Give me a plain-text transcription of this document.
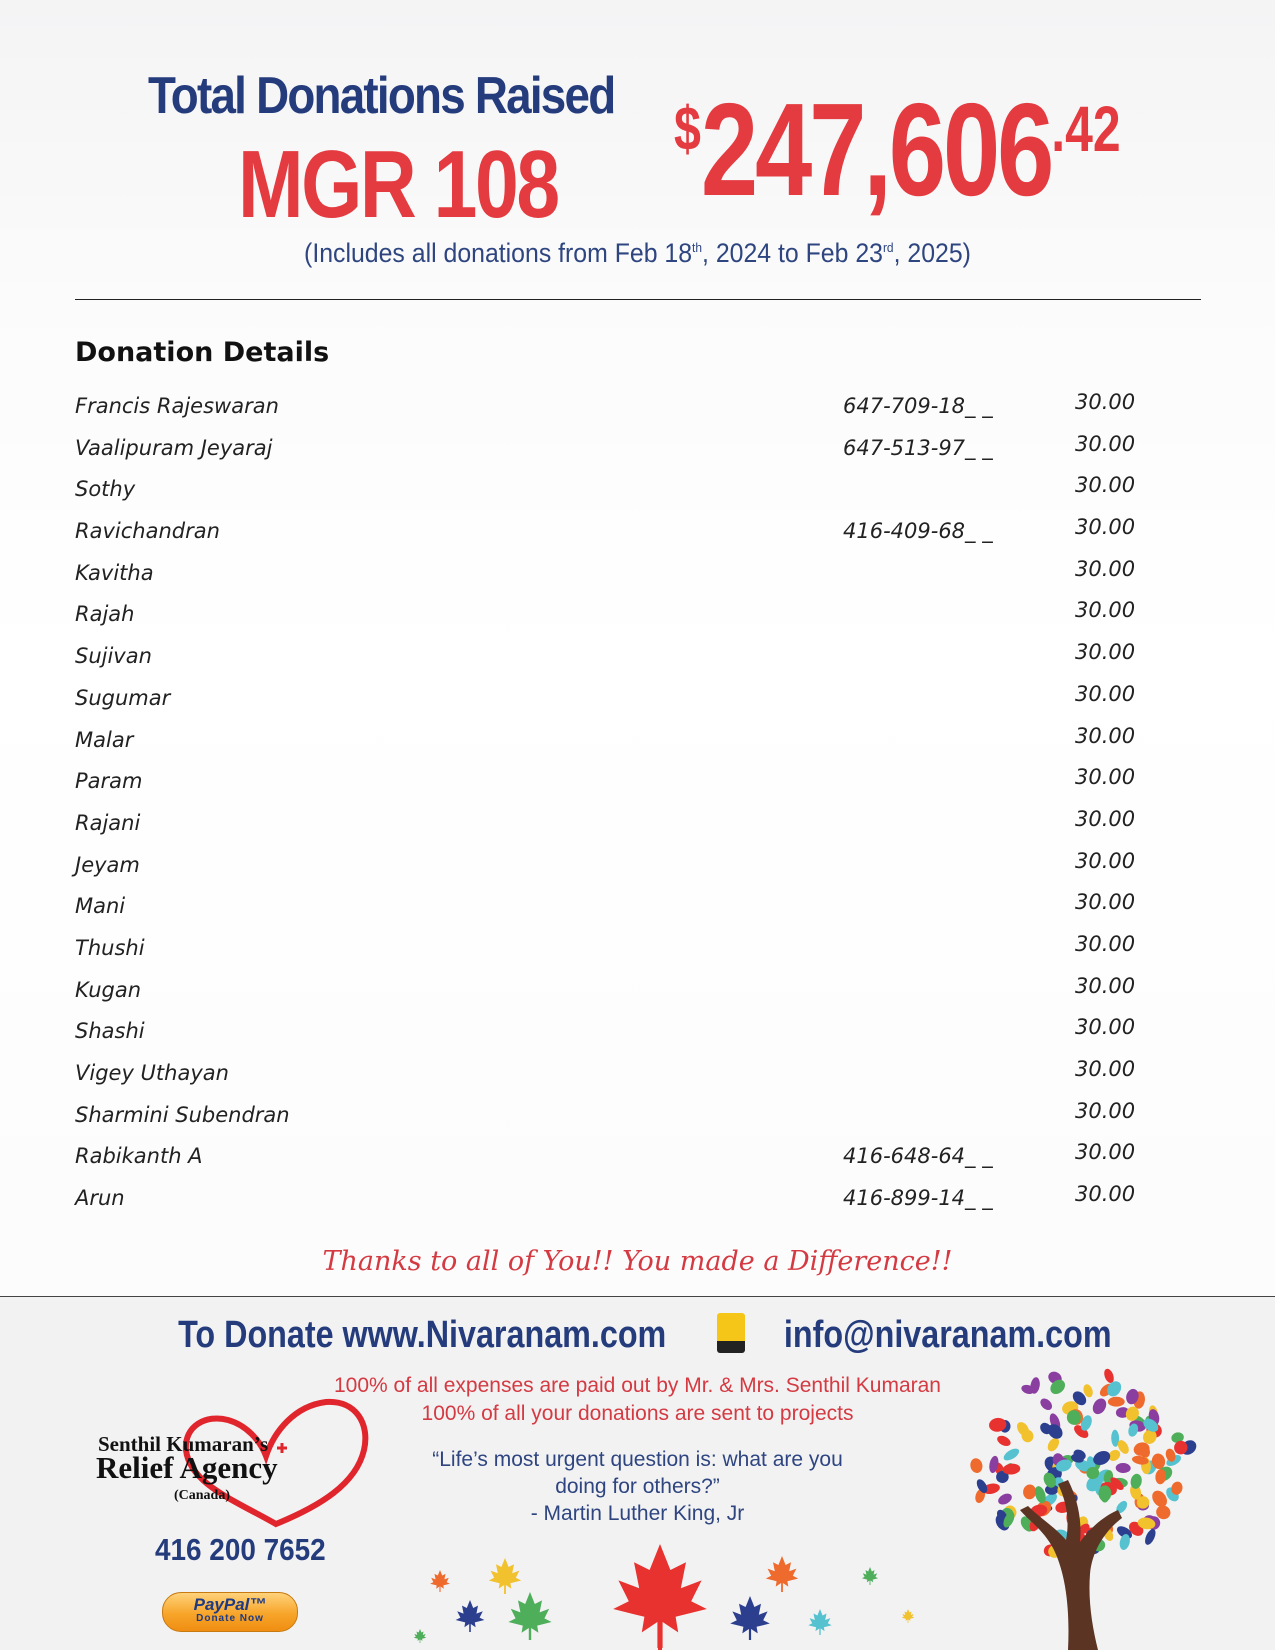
Total Donations Raised
MGR 108
$247,606.42
(Includes all donations from Feb 18th, 2024 to Feb 23rd, 2025)
Donation Details
Francis Rajeswaran	647-709-18_ _	30.00
Vaalipuram Jeyaraj	647-513-97_ _	30.00
Sothy	30.00
Ravichandran	416-409-68_ _	30.00
Kavitha	30.00
Rajah	30.00
Sujivan	30.00
Sugumar	30.00
Malar	30.00
Param	30.00
Rajani	30.00
Jeyam	30.00
Mani	30.00
Thushi	30.00
Kugan	30.00
Shashi	30.00
Vigey Uthayan	30.00
Sharmini Subendran	30.00
Rabikanth A	416-648-64_ _	30.00
Arun	416-899-14_ _	30.00
Thanks to all of You!! You made a Difference!!
To Donate www.Nivaranam.com	info@nivaranam.com
100% of all expenses are paid out by Mr. & Mrs. Senthil Kumaran
100% of all your donations are sent to projects
“Life’s most urgent question is: what are you
doing for others?”
- Martin Luther King, Jr
Senthil Kumaran’s
Relief Agency
(Canada)
416 200 7652
PayPal™
Donate Now
